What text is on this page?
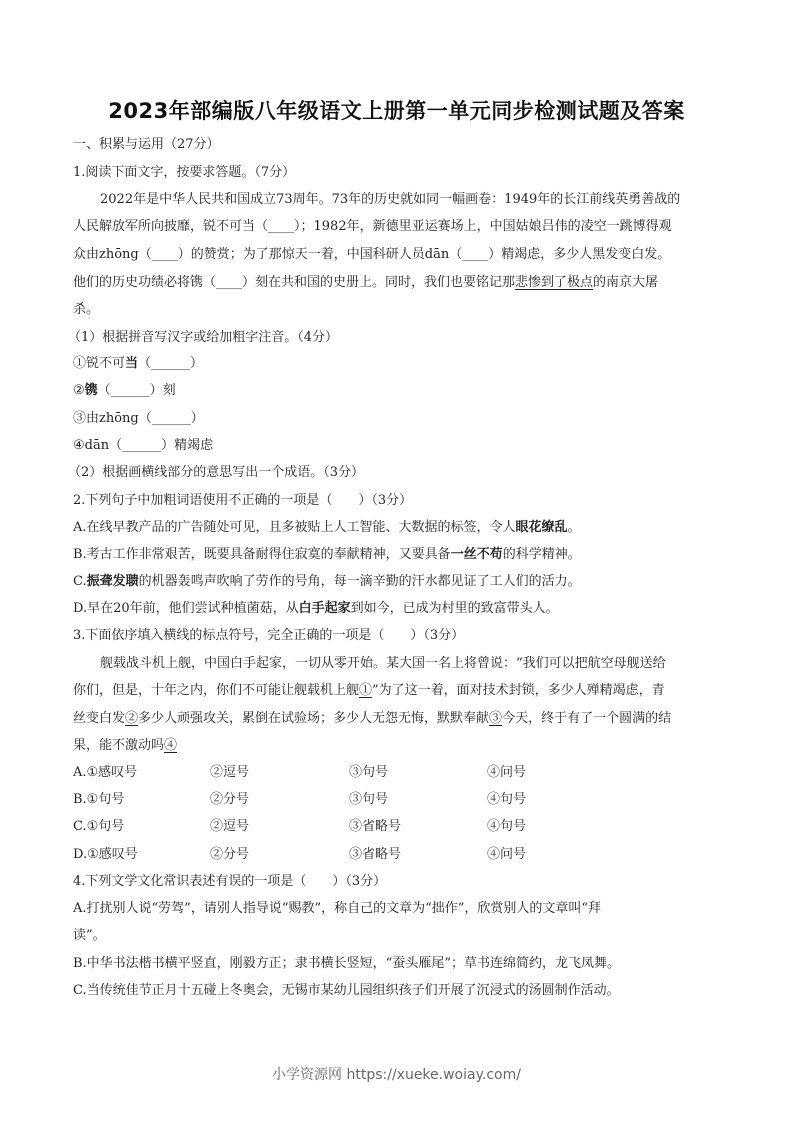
2023年部编版八年级语文上册第一单元同步检测试题及答案
一、积累与运用（27分）
1.阅读下面文字，按要求答题。（7分）
2022年是中华人民共和国成立73周年。73年的历史就如同一幅画卷：1949年的长江前线英勇善战的
人民解放军所向披靡，锐不可当（____）；1982年，新德里亚运赛场上，中国姑娘吕伟的凌空一跳博得观
众由zhōng（____）的赞赏；为了那惊天一着，中国科研人员dān（____）精竭虑，多少人黑发变白发。
他们的历史功绩必将镌（____）刻在共和国的史册上。同时，我们也要铭记那悲惨到了极点的南京大屠
杀。
（1）根据拼音写汉字或给加粗字注音。（4分）
①锐不可当（______）
②镌（______）刻
③由zhōng（______）
④dān（______）精竭虑
（2）根据画横线部分的意思写出一个成语。（3分）
2.下列句子中加粗词语使用不正确的一项是（　　）（3分）
A.在线早教产品的广告随处可见，且多被贴上人工智能、大数据的标签，令人眼花缭乱。
B.考古工作非常艰苦，既要具备耐得住寂寞的奉献精神，又要具备一丝不苟的科学精神。
C.振聋发聩的机器轰鸣声吹响了劳作的号角，每一滴辛勤的汗水都见证了工人们的活力。
D.早在20年前，他们尝试种植菌菇，从白手起家到如今，已成为村里的致富带头人。
3.下面依序填入横线的标点符号，完全正确的一项是（　　）（3分）
舰载战斗机上舰，中国白手起家，一切从零开始。某大国一名上将曾说：“我们可以把航空母舰送给
你们，但是，十年之内，你们不可能让舰载机上舰①”为了这一着，面对技术封锁，多少人殚精竭虑，青
丝变白发②多少人顽强攻关，累倒在试验场；多少人无怨无悔，默默奉献③今天，终于有了一个圆满的结
果，能不激动吗④
A.①感叹号	②逗号	③句号	④问号
B.①句号	②分号	③句号	④句号
C.①句号	②逗号	③省略号	④句号
D.①感叹号	②分号	③省略号	④问号
4.下列文学文化常识表述有误的一项是（　　）（3分）
A.打扰别人说“劳驾”，请别人指导说“赐教”，称自己的文章为“拙作”，欣赏别人的文章叫“拜
读”。
B.中华书法楷书横平竖直，刚毅方正；隶书横长竖短，“蚕头雁尾”；草书连绵简约，龙飞凤舞。
C.当传统佳节正月十五碰上冬奥会，无锡市某幼儿园组织孩子们开展了沉浸式的汤圆制作活动。
小学资源网 https://xueke.woiay.com/
